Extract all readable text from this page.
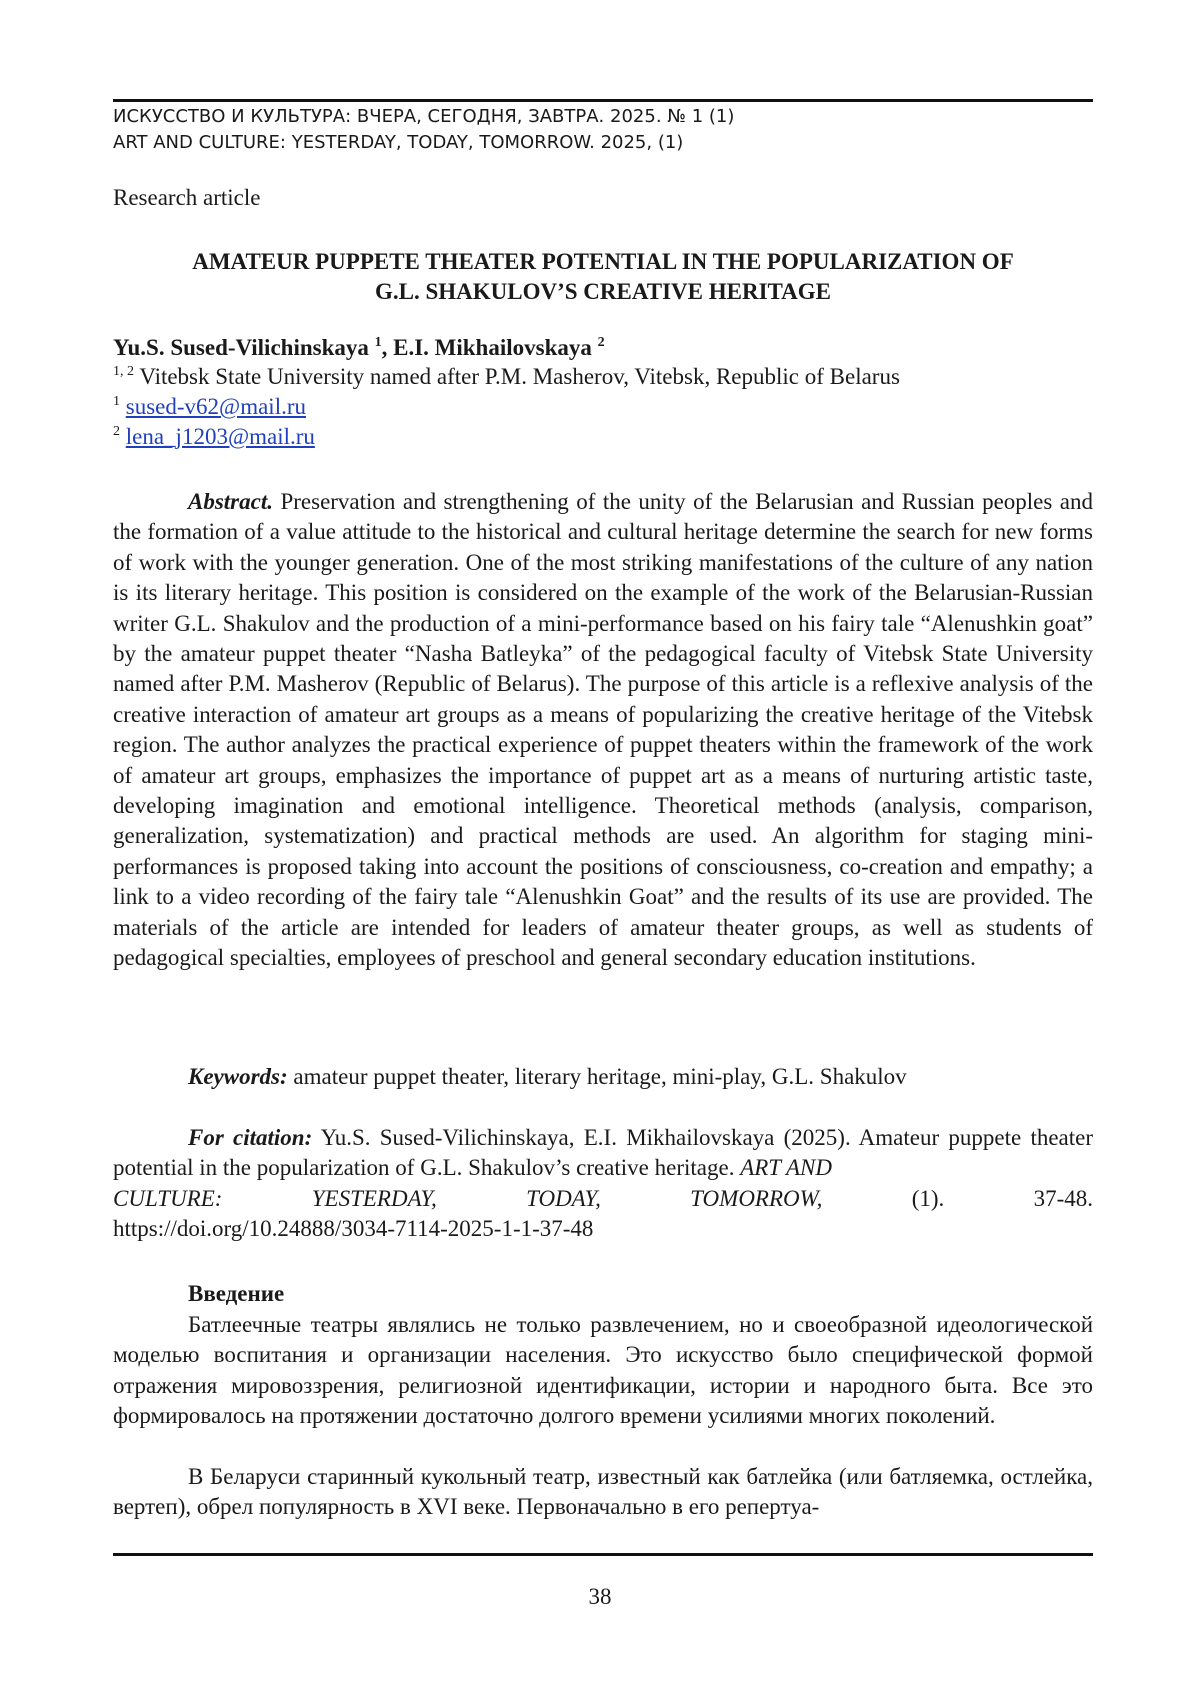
ИСКУССТВО И КУЛЬТУРА: ВЧЕРА, СЕГОДНЯ, ЗАВТРА. 2025. № 1 (1)
ART AND CULTURE: YESTERDAY, TODAY, TOMORROW. 2025, (1)
Research article
AMATEUR PUPPETE THEATER POTENTIAL IN THE POPULARIZATION OF
G.L. SHAKULOV’S CREATIVE HERITAGE
Yu.S. Sused-Vilichinskaya $^1$, E.I. Mikhailovskaya $^2$
$^{1, 2}$ Vitebsk State University named after P.M. Masherov, Vitebsk, Republic of Belarus
$^1$ sused-v62@mail.ru
$^2$ lena_j1203@mail.ru
Abstract. Preservation and strengthening of the unity of the Belarusian and Russian peoples and the formation of a value attitude to the historical and cultural heritage determine the search for new forms of work with the younger generation. One of the most striking manifestations of the culture of any nation is its literary heritage. This position is considered on the example of the work of the Belarusian-Russian writer G.L. Shakulov and the production of a mini-performance based on his fairy tale “Alenushkin goat” by the amateur puppet theater “Nasha Batleyka” of the pedagogical faculty of Vitebsk State University named after P.M. Masherov (Republic of Belarus). The purpose of this article is a reflexive analysis of the creative interaction of amateur art groups as a means of popularizing the creative heritage of the Vitebsk region. The author analyzes the practical experience of puppet theaters within the framework of the work of amateur art groups, emphasizes the importance of puppet art as a means of nurturing artistic taste, developing imagination and emotional intelligence. Theoretical methods (analysis, comparison, generalization, systematization) and practical methods are used. An algorithm for staging mini-performances is proposed taking into account the positions of consciousness, co-creation and empathy; a link to a video recording of the fairy tale “Alenushkin Goat” and the results of its use are provided. The materials of the article are intended for leaders of amateur theater groups, as well as students of pedagogical specialties, employees of preschool and general secondary education institutions.
Keywords: amateur puppet theater, literary heritage, mini-play, G.L. Shakulov
For citation: Yu.S. Sused-Vilichinskaya, E.I. Mikhailovskaya (2025). Amateur puppete theater potential in the popularization of G.L. Shakulov’s creative heritage. ART AND
CULTURE:	YESTERDAY,	TODAY,	TOMORROW,	(1).	37-48.
https://doi.org/10.24888/3034-7114-2025-1-1-37-48
Введение
Батлеечные театры являлись не только развлечением, но и своеобразной идеологической моделью воспитания и организации населения. Это искусство было специфической формой отражения мировоззрения, религиозной идентификации, истории и народного быта. Все это формировалось на протяжении достаточно долгого времени усилиями многих поколений.
В Беларуси старинный кукольный театр, известный как батлейка (или батляемка, остлейка, вертеп), обрел популярность в XVI веке. Первоначально в его репертуа-
38
